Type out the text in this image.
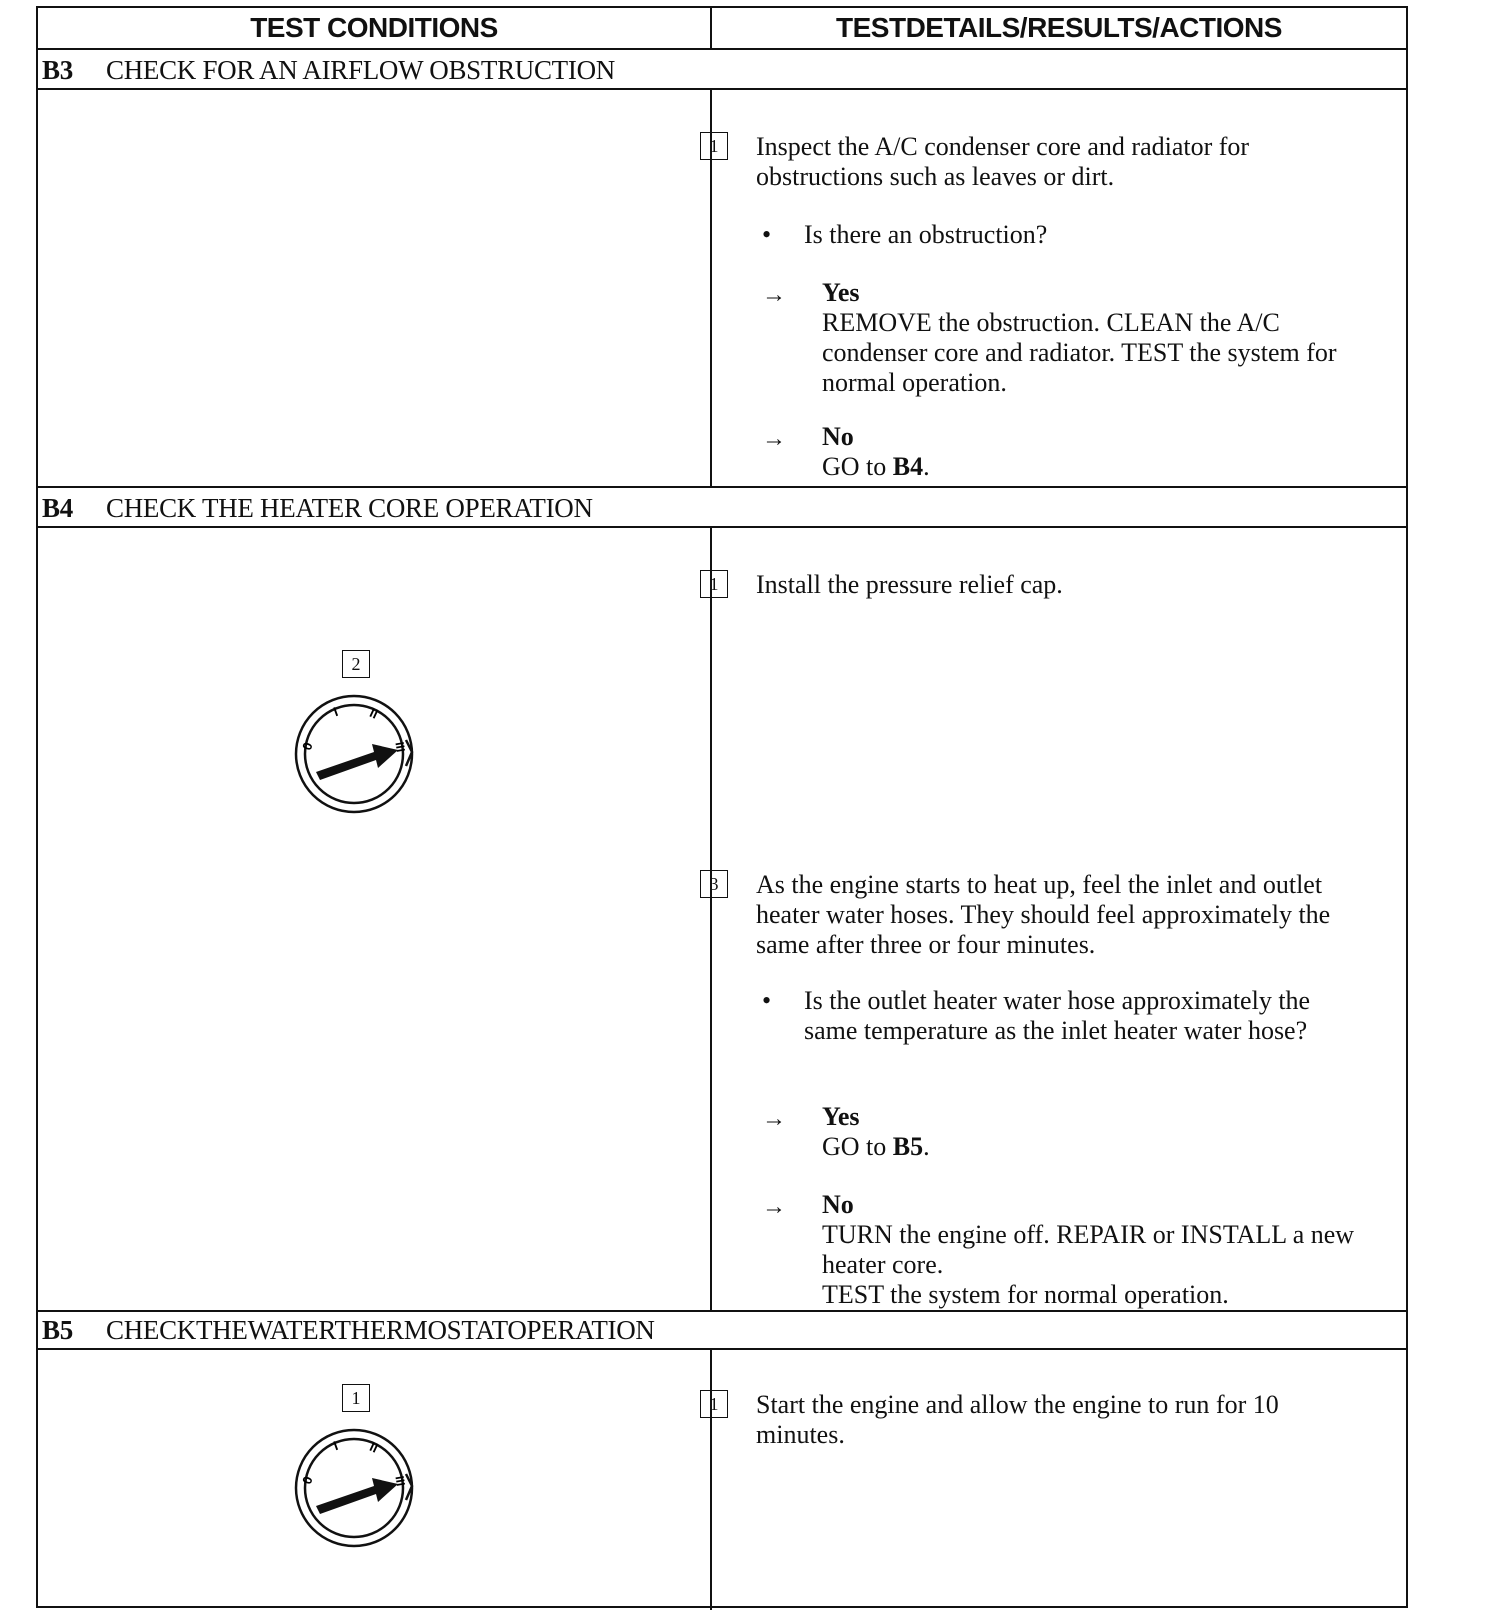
TEST CONDITIONS	TESTDETAILS/RESULTS/ACTIONS
B3 CHECK FOR AN AIRFLOW OBSTRUCTION
1	Inspect the A/C condenser core and radiator for obstructions such as leaves or dirt.
• Is there an obstruction?
→ Yes
REMOVE the obstruction. CLEAN the A/C condenser core and radiator. TEST the system for normal operation.
→ No
GO to B4.
B4 CHECK THE HEATER CORE OPERATION
2
0
I II
III
1	Install the pressure relief cap.
3	As the engine starts to heat up, feel the inlet and outlet heater water hoses. They should feel approximately the same after three or four minutes.
• Is the outlet heater water hose approximately the same temperature as the inlet heater water hose?
→ Yes
GO to B5.
→ No
TURN the engine off. REPAIR or INSTALL a new heater core.
TEST the system for normal operation.
B5 CHECKTHEWATERTHERMOSTATOPERATION
1
0
I II
III
1	Start the engine and allow the engine to run for 10 minutes.
